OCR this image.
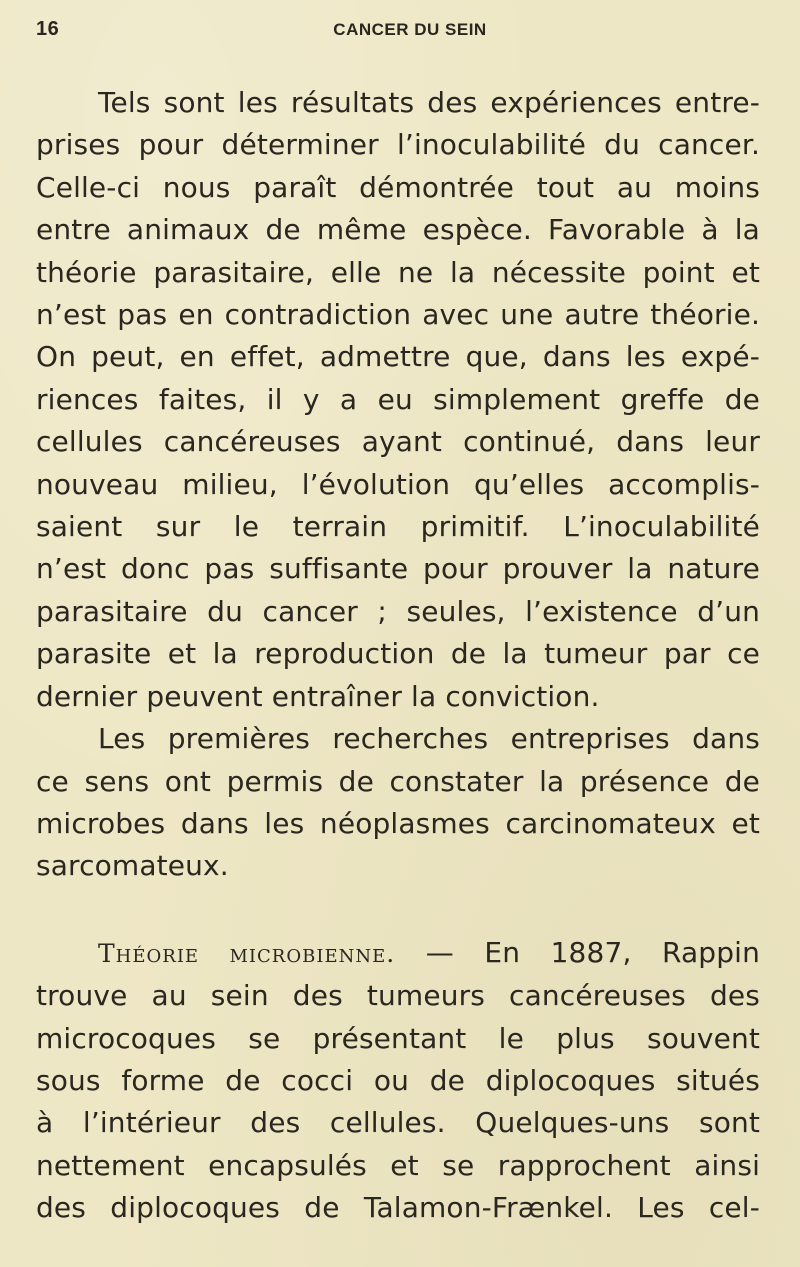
16	CANCER DU SEIN
Tels sont les résultats des expériences entre-
prises pour déterminer l’inoculabilité du cancer.
Celle-ci nous paraît démontrée tout au moins
entre animaux de même espèce. Favorable à la
théorie parasitaire, elle ne la nécessite point et
n’est pas en contradiction avec une autre théorie.
On peut, en effet, admettre que, dans les expé-
riences faites, il y a eu simplement greffe de
cellules cancéreuses ayant continué, dans leur
nouveau milieu, l’évolution qu’elles accomplis-
saient sur le terrain primitif. L’inoculabilité
n’est donc pas suffisante pour prouver la nature
parasitaire du cancer ; seules, l’existence d’un
parasite et la reproduction de la tumeur par ce
dernier peuvent entraîner la conviction.
Les premières recherches entreprises dans
ce sens ont permis de constater la présence de
microbes dans les néoplasmes carcinomateux et
sarcomateux.
Théorie microbienne. — En 1887, Rappin
trouve au sein des tumeurs cancéreuses des
microcoques se présentant le plus souvent
sous forme de cocci ou de diplocoques situés
à l’intérieur des cellules. Quelques-uns sont
nettement encapsulés et se rapprochent ainsi
des diplocoques de Talamon-Frænkel. Les cel-
